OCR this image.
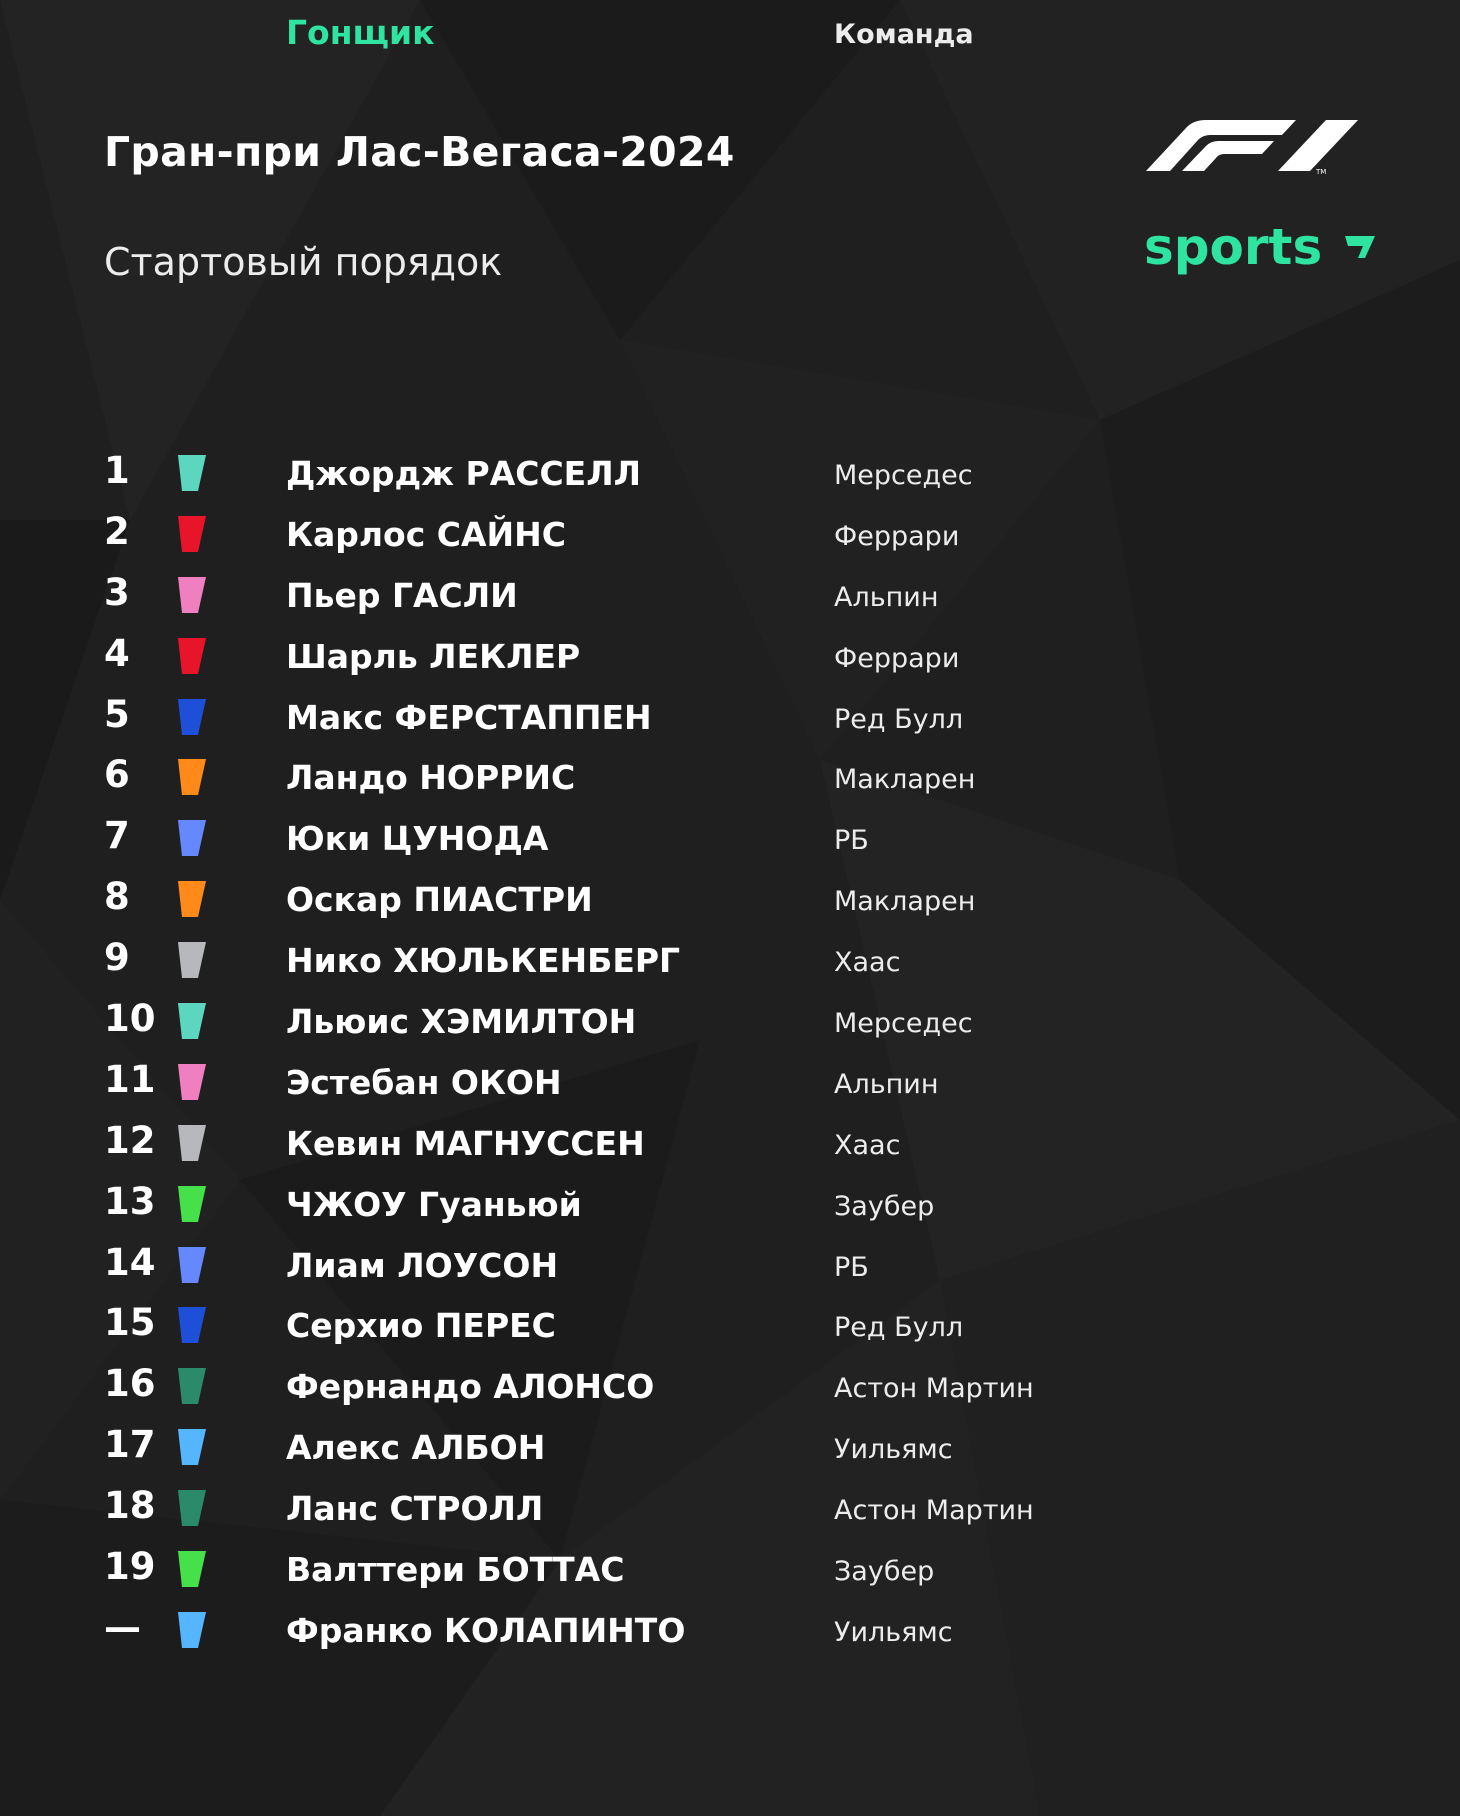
Гран-при Лас-Вегаса-2024
Стартовый порядок
TM
sports
Гонщик	Команда
1	Джордж РАССЕЛЛ	Мерседес
2	Карлос САЙНС	Феррари
3	Пьер ГАСЛИ	Альпин
4	Шарль ЛЕКЛЕР	Феррари
5	Макс ФЕРСТАППЕН	Ред Булл
6	Ландо НОРРИС	Макларен
7	Юки ЦУНОДА	РБ
8	Оскар ПИАСТРИ	Макларен
9	Нико ХЮЛЬКЕНБЕРГ	Хаас
10	Льюис ХЭМИЛТОН	Мерседес
11	Эстебан ОКОН	Альпин
12	Кевин МАГНУССЕН	Хаас
13	ЧЖОУ Гуаньюй	Заубер
14	Лиам ЛОУСОН	РБ
15	Серхио ПЕРЕС	Ред Булл
16	Фернандо АЛОНСО	Астон Мартин
17	Алекс АЛБОН	Уильямс
18	Ланс СТРОЛЛ	Астон Мартин
19	Валттери БОТТАС	Заубер
—	Франко КОЛАПИНТО	Уильямс
